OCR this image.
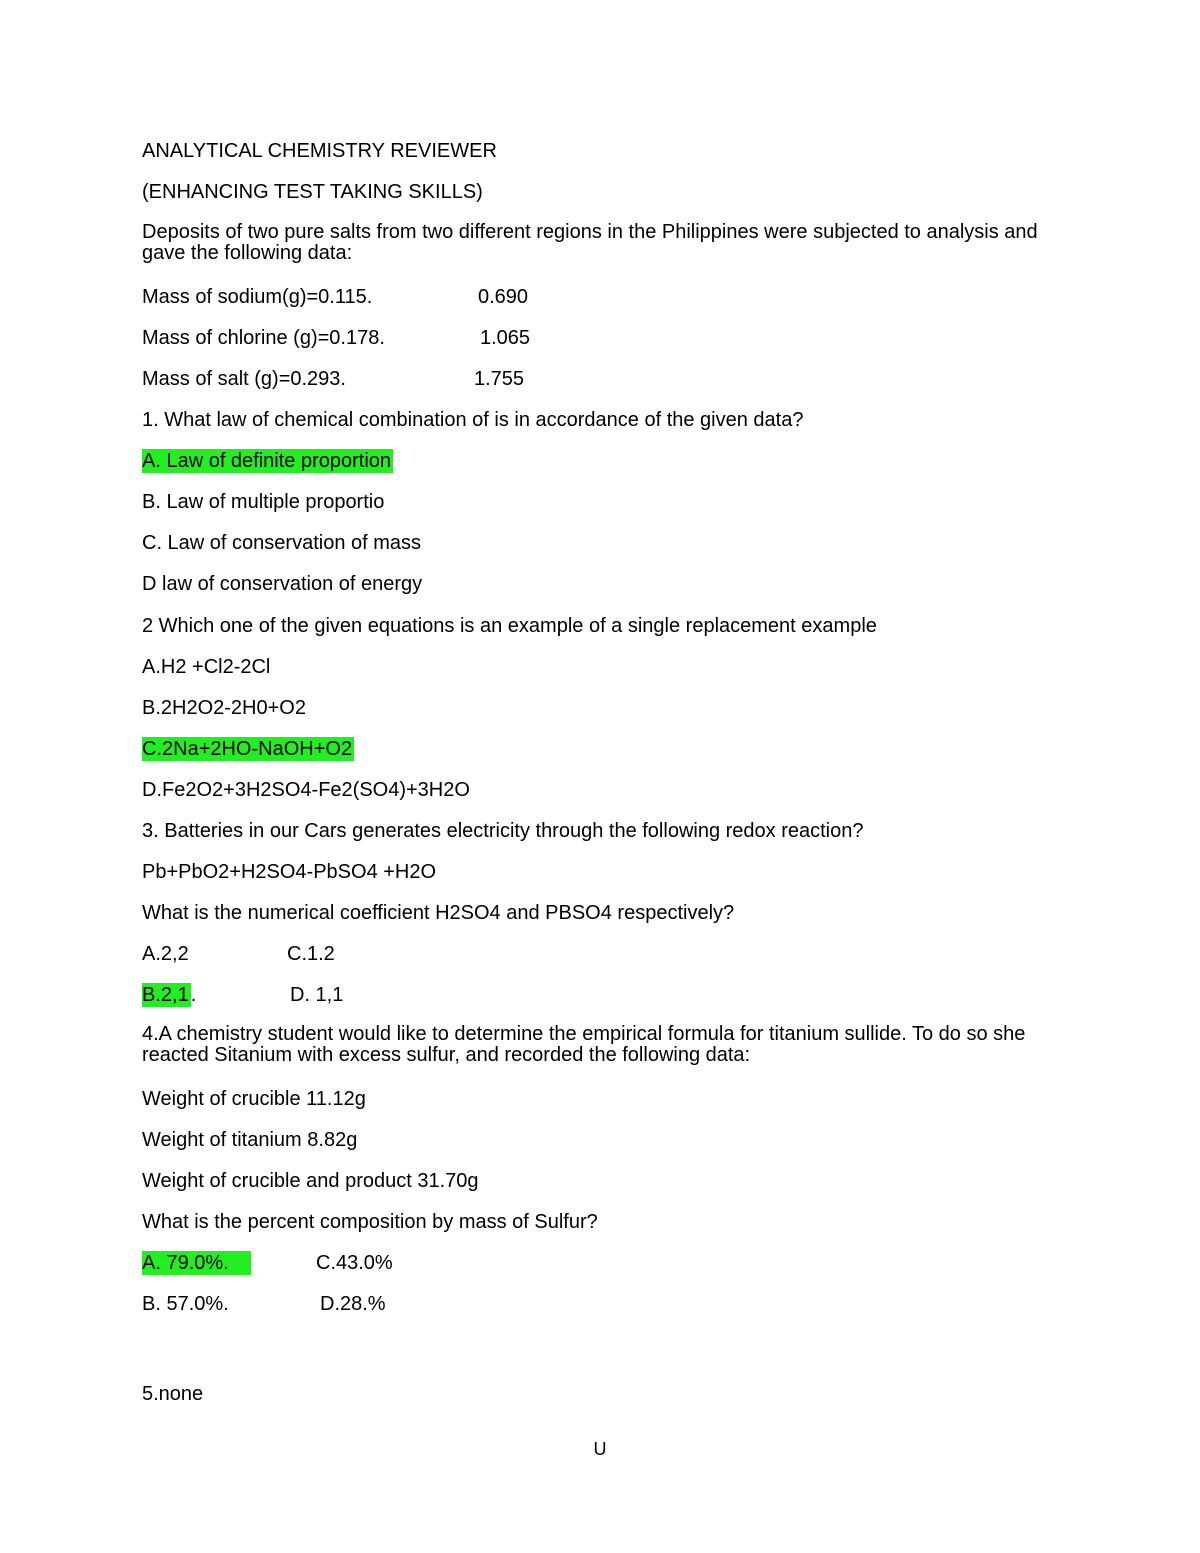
ANALYTICAL CHEMISTRY REVIEWER
(ENHANCING TEST TAKING SKILLS)
Deposits of two pure salts from two different regions in the Philippines were subjected to analysis and gave the following data:
Mass of sodium(g)=0.115.	0.690
Mass of chlorine (g)=0.178.	1.065
Mass of salt (g)=0.293.	1.755
1. What law of chemical combination of is in accordance of the given data?
A. Law of definite proportion
B. Law of multiple proportio
C. Law of conservation of mass
D law of conservation of energy
2 Which one of the given equations is an example of a single replacement example
A.H2 +Cl2-2Cl
B.2H2O2-2H0+O2
C.2Na+2HO-NaOH+O2
D.Fe2O2+3H2SO4-Fe2(SO4)+3H2O
3. Batteries in our Cars generates electricity through the following redox reaction?
Pb+PbO2+H2SO4-PbSO4 +H2O
What is the numerical coefficient H2SO4 and PBSO4 respectively?
A.2,2	C.1.2
B.2,1 .	D. 1,1
4.A chemistry student would like to determine the empirical formula for titanium sullide. To do so she reacted Sitanium with excess sulfur, and recorded the following data:
Weight of crucible 11.12g
Weight of titanium 8.82g
Weight of crucible and product 31.70g
What is the percent composition by mass of Sulfur?
A. 79.0%.	C.43.0%
B. 57.0%.	D.28.%
5.none
U
